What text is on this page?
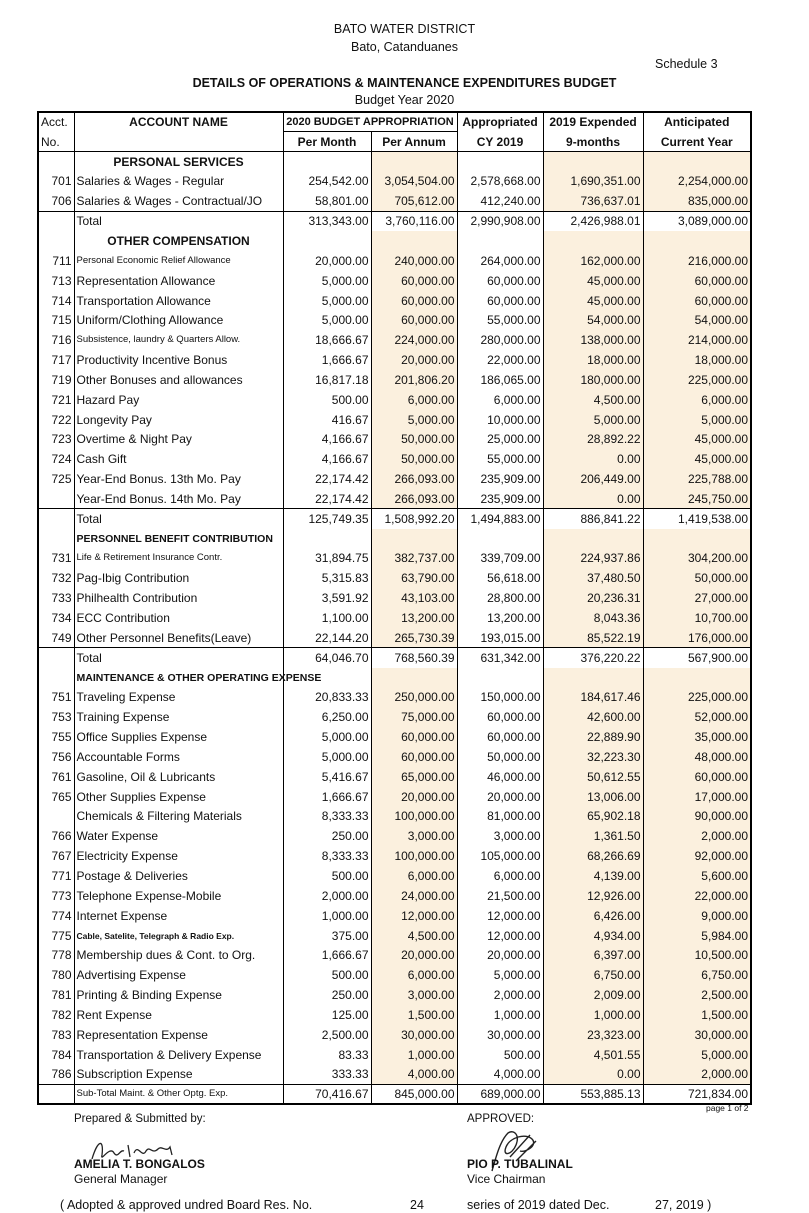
BATO WATER DISTRICT
Bato, Catanduanes
Schedule 3
DETAILS OF OPERATIONS & MAINTENANCE EXPENDITURES BUDGET
Budget Year 2020
Acct.	ACCOUNT NAME	2020 BUDGET APPROPRIATION		Appropriated	2019 Expended	Anticipated
No.		Per Month	Per Annum	CY 2019	9-months	Current Year
	PERSONAL SERVICES					
701	Salaries & Wages - Regular	254,542.00	3,054,504.00	2,578,668.00	1,690,351.00	2,254,000.00
706	Salaries & Wages - Contractual/JO	58,801.00	705,612.00	412,240.00	736,637.01	835,000.00
	Total	313,343.00	3,760,116.00	2,990,908.00	2,426,988.01	3,089,000.00
	OTHER COMPENSATION					
711	Personal Economic Relief Allowance	20,000.00	240,000.00	264,000.00	162,000.00	216,000.00
713	Representation Allowance	5,000.00	60,000.00	60,000.00	45,000.00	60,000.00
714	Transportation Allowance	5,000.00	60,000.00	60,000.00	45,000.00	60,000.00
715	Uniform/Clothing Allowance	5,000.00	60,000.00	55,000.00	54,000.00	54,000.00
716	Subsistence, laundry & Quarters Allow.	18,666.67	224,000.00	280,000.00	138,000.00	214,000.00
717	Productivity Incentive Bonus	1,666.67	20,000.00	22,000.00	18,000.00	18,000.00
719	Other Bonuses and allowances	16,817.18	201,806.20	186,065.00	180,000.00	225,000.00
721	Hazard Pay	500.00	6,000.00	6,000.00	4,500.00	6,000.00
722	Longevity Pay	416.67	5,000.00	10,000.00	5,000.00	5,000.00
723	Overtime & Night Pay	4,166.67	50,000.00	25,000.00	28,892.22	45,000.00
724	Cash Gift	4,166.67	50,000.00	55,000.00	0.00	45,000.00
725	Year-End Bonus. 13th Mo. Pay	22,174.42	266,093.00	235,909.00	206,449.00	225,788.00
	Year-End Bonus. 14th Mo. Pay	22,174.42	266,093.00	235,909.00	0.00	245,750.00
	Total	125,749.35	1,508,992.20	1,494,883.00	886,841.22	1,419,538.00
	PERSONNEL BENEFIT CONTRIBUTION					
731	Life & Retirement Insurance Contr.	31,894.75	382,737.00	339,709.00	224,937.86	304,200.00
732	Pag-Ibig Contribution	5,315.83	63,790.00	56,618.00	37,480.50	50,000.00
733	Philhealth Contribution	3,591.92	43,103.00	28,800.00	20,236.31	27,000.00
734	ECC Contribution	1,100.00	13,200.00	13,200.00	8,043.36	10,700.00
749	Other Personnel Benefits(Leave)	22,144.20	265,730.39	193,015.00	85,522.19	176,000.00
	Total	64,046.70	768,560.39	631,342.00	376,220.22	567,900.00
	MAINTENANCE & OTHER OPERATING EXPENSE					
751	Traveling Expense	20,833.33	250,000.00	150,000.00	184,617.46	225,000.00
753	Training Expense	6,250.00	75,000.00	60,000.00	42,600.00	52,000.00
755	Office Supplies Expense	5,000.00	60,000.00	60,000.00	22,889.90	35,000.00
756	Accountable Forms	5,000.00	60,000.00	50,000.00	32,223.30	48,000.00
761	Gasoline, Oil & Lubricants	5,416.67	65,000.00	46,000.00	50,612.55	60,000.00
765	Other Supplies Expense	1,666.67	20,000.00	20,000.00	13,006.00	17,000.00
	Chemicals & Filtering Materials	8,333.33	100,000.00	81,000.00	65,902.18	90,000.00
766	Water Expense	250.00	3,000.00	3,000.00	1,361.50	2,000.00
767	Electricity Expense	8,333.33	100,000.00	105,000.00	68,266.69	92,000.00
771	Postage & Deliveries	500.00	6,000.00	6,000.00	4,139.00	5,600.00
773	Telephone Expense-Mobile	2,000.00	24,000.00	21,500.00	12,926.00	22,000.00
774	Internet Expense	1,000.00	12,000.00	12,000.00	6,426.00	9,000.00
775	Cable, Satelite, Telegraph & Radio Exp.	375.00	4,500.00	12,000.00	4,934.00	5,984.00
778	Membership dues & Cont. to Org.	1,666.67	20,000.00	20,000.00	6,397.00	10,500.00
780	Advertising Expense	500.00	6,000.00	5,000.00	6,750.00	6,750.00
781	Printing & Binding Expense	250.00	3,000.00	2,000.00	2,009.00	2,500.00
782	Rent Expense	125.00	1,500.00	1,000.00	1,000.00	1,500.00
783	Representation Expense	2,500.00	30,000.00	30,000.00	23,323.00	30,000.00
784	Transportation & Delivery Expense	83.33	1,000.00	500.00	4,501.55	5,000.00
786	Subscription Expense	333.33	4,000.00	4,000.00	0.00	2,000.00
	Sub-Total Maint. & Other Optg. Exp.	70,416.67	845,000.00	689,000.00	553,885.13	721,834.00
page 1 of 2
Prepared & Submitted by:	APPROVED:
AMELIA T. BONGALOS
General Manager
PIO P. TUBALINAL
Vice Chairman
( Adopted & approved undred Board Res. No.	24	series of 2019 dated Dec.	27, 2019 )
